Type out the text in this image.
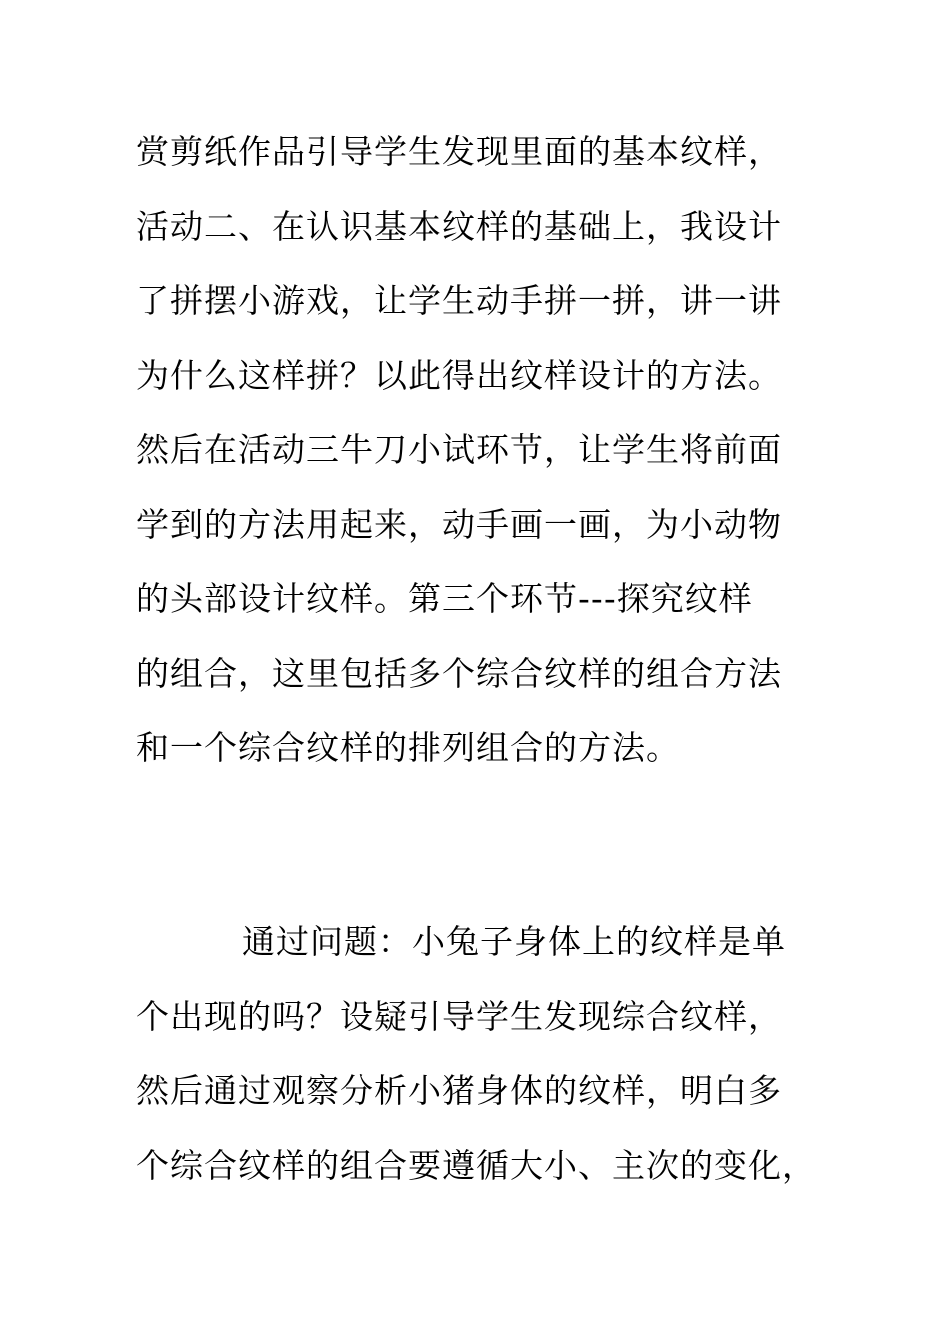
赏剪纸作品引导学生发现里面的基本纹样，
活动二、在认识基本纹样的基础上，我设计
了拼摆小游戏，让学生动手拼一拼，讲一讲
为什么这样拼？以此得出纹样设计的方法。
然后在活动三牛刀小试环节，让学生将前面
学到的方法用起来，动手画一画，为小动物
的头部设计纹样。第三个环节---探究纹样
的组合，这里包括多个综合纹样的组合方法
和一个综合纹样的排列组合的方法。
通过问题：小兔子身体上的纹样是单
个出现的吗？设疑引导学生发现综合纹样，
然后通过观察分析小猪身体的纹样，明白多
个综合纹样的组合要遵循大小、主次的变化，
